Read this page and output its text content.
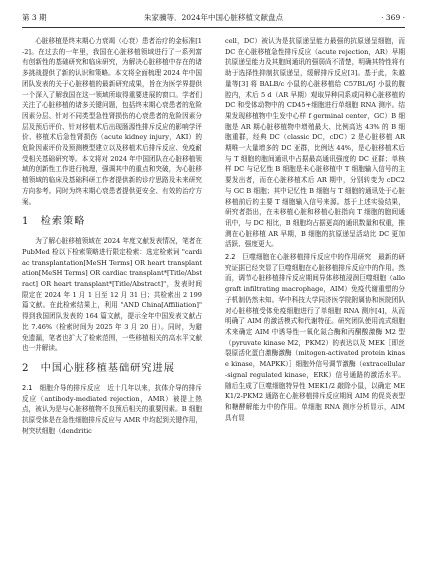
第 3 期	朱家骥等．2024年中国心脏移植文献盘点	· 369 ·

心脏移植是终末期心力衰竭（心衰）患者治疗的金标准[1-2]。在过去的一年里，我国在心脏移植领域进行了一系列富有创新性的基础研究和临床研究，为解决心脏移植中存在的诸多挑战提供了新的认识和策略。本文将全面梳理 2024 年中国团队发表的关于心脏移植的最新研究成果，旨在为医学界提供一个深入了解我国在这一领域所取得重要进展的窗口。学者们关注了心脏移植的诸多关键问题，包括终末期心衰患者的危险因素分层、针对不同类型急性肾损伤的心衰患者的危险因素分层及预后评价、针对移植术后出现肠源性排斥反应的影响学评价、移植术后急性肾损伤（acute kidney injury，AKI）的危险因素评价及预测模型建立以及移植术后排斥反应、免疫耐受相关基础研究等。本文将对 2024 年中国团队在心脏移植领域的创新性工作进行梳理，强调其中的重点和突破，为心脏移植领域的临床及基础科研工作者提供新的诊疗思路及未来研究方向参考。同时为终末期心衰患者提供更安全、有效的治疗方案。

1　检索策略

为了解心脏移植领域在 2024 年度文献发表情况，笔者在 PubMed 检以下检索策略进行限定检索：选定检索词 "cardiac transplantation[MeSH Terms] OR heart transplantation[MeSH Terms] OR cardiac transplant*[Title/Abstract] OR heart transplant*[Title/Abstract]"，发表时间限定在 2024 年 1 月 1 日至 12 月 31 日；共检索出 2 199 篇文献。在此检索结果上，利用 "AND China[Affiliation]" 得到我国团队发表的 164 篇文献，提示全年中国发表文献占比 7.46%（检索时间为 2025 年 3 月 20 日）。同时，为避免遗漏，笔者也扩大了检索范围，一些移植相关的高水平文献也一并解读。

2　中国心脏移植基础研究进展

2.1　细胞介导的排斥反应　 近十几年以来，抗体介导的排斥反应（antibody-mediated rejection，AMR）被提上热点，被认为是与心脏移植物不良预后相关的重要因素。B 细胞抗原受体是在急性细胞排斥反应与 AMR 中均起到关键作用，树突状细胞（dendritic

cell，DC）被认为是抗原递呈能力最强的抗原递呈细胞，而 DC 在心脏移植急性排斥反应（acute rejection，AR）早期抗原递呈能力及其胞间通讯的强弱尚不清楚，明确其特性将有助于选择性抑制抗原递呈，缓解排斥反应[3]。基于此，朱越量等[3] 将 BALB/c 小鼠的心脏移植给 C57BL/6J 小鼠的腹腔内，术后 5 d（AR 早期）观取异种同系或同种心脏移植的 DC 和受体动物中的 CD45+细胞进行单细胞 RNA 测序。结果发现移植物中生发中心样 f germinal center，GC）B 细胞是 AR 期心脏移植物中增殖最大、比例高达 43% 的 B 细胞重群，经典 DC（classic DC，cDC）2 是心脏移植 AR 期唯一大量增多的 DC 亚群，比例达 44%，是心脏移植术后与 T 细胞的胞间通讯中占据最高通讯强度的 DC 亚群；单核样 DC 与记忆性 B 细胞是未心脏移植中 T 细胞输入信号的主要发出者，而在心脏移植术后 AR 期中，分别转变为 cDC2 与 GC B 细胞；其中记忆性 B 细胞与 T 细胞的通讯处于心脏移植前后的主要 T 细胞输入信号来源。基于上述实验结果，研究者指出，在未移植心脏和移植心脏指向 T 细胞的胞间通讯中，与 DC 相比，B 细胞均占据更高的通讯数量和权重，推测在心脏移植 AR 早期，B 细胞的抗原递呈活动比 DC 更加活跃、强度更大。

2.2　巨噬细胞在心脏移植排斥反应中的作用研究　 最新的研究证据已经突显了巨噬细胞在心脏移植排斥反应中的作用。然而，调节心脏移植排斥反应期间异体移植浸润巨噬细胞（allograft infiltrating macrophage，AIM）免疫代谢重塑的分子机制仍然未知。华中科技大学同济医学院附属协和医院团队对心脏移植受体免疫细胞进行了单细胞 RNA 测序[4]，从而明确了 AIM 的激活模式和代谢特征。研究团队使用流式细胞术来确定 AIM 中诱导性一氧化氮合酶和丙酮酸激酶 M2 型（pyruvate kinase M2，PKM2）的表达以及 MEK［即丝裂原活化蛋白激酶激酶（mitogen-activated protein kinase kinase，MAPKK）］细胞外信号调节激酶（extracellular-signal regulated kinase，ERK）信号通路的激活水平。随后生成了巨噬细胞特异性 MEK1/2 敲除小鼠，以确定 MEK1/2-PKM2 通路在心脏移植排斥反应期间 AIM 的促炎表型和糖酵解能力中的作用。单细胞 RNA 测序分析显示，AIM 具有显
